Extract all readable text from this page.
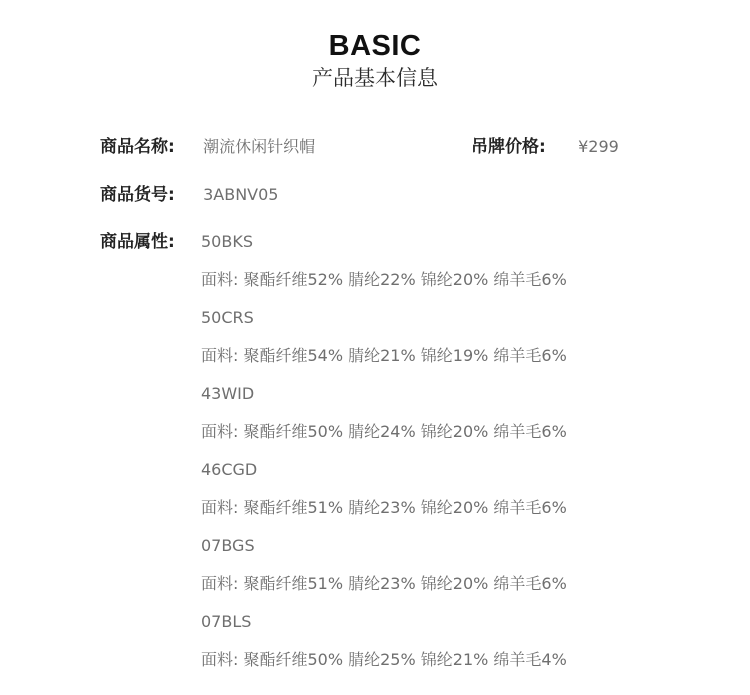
BASIC
产品基本信息
商品名称: 潮流休闲针织帽	吊牌价格: ¥299
商品货号: 3ABNV05
商品属性:	50BKS
面料: 聚酯纤维52% 腈纶22% 锦纶20% 绵羊毛6%
50CRS
面料: 聚酯纤维54% 腈纶21% 锦纶19% 绵羊毛6%
43WID
面料: 聚酯纤维50% 腈纶24% 锦纶20% 绵羊毛6%
46CGD
面料: 聚酯纤维51% 腈纶23% 锦纶20% 绵羊毛6%
07BGS
面料: 聚酯纤维51% 腈纶23% 锦纶20% 绵羊毛6%
07BLS
面料: 聚酯纤维50% 腈纶25% 锦纶21% 绵羊毛4%
